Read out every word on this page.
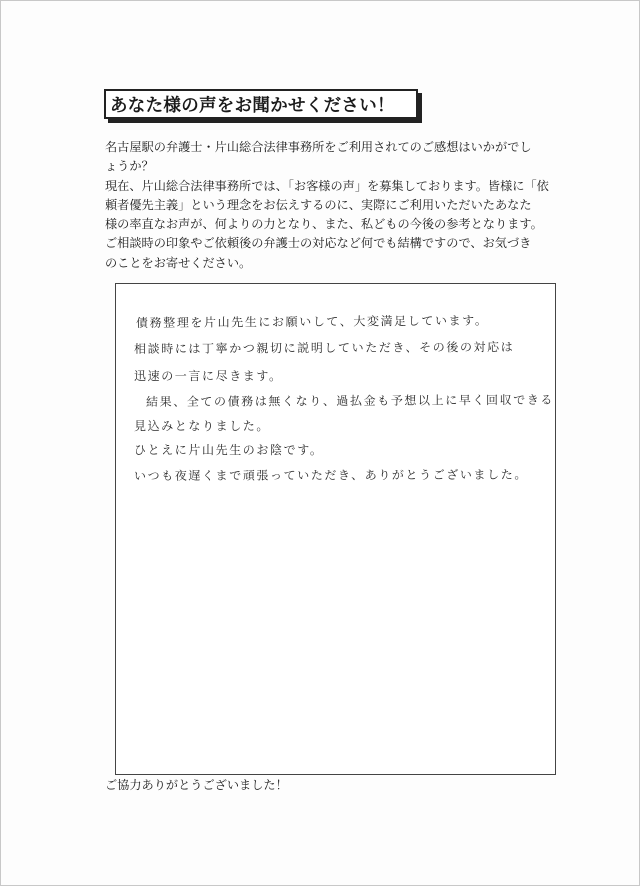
あなた様の声をお聞かせください！

名古屋駅の弁護士・片山総合法律事務所をご利用されてのご感想はいかがでし

ょうか？

現在、片山総合法律事務所では、「お客様の声」を募集しております。皆様に「依

頼者優先主義」という理念をお伝えするのに、実際にご利用いただいたあなた

様の率直なお声が、何よりの力となり、また、私どもの今後の参考となります。

ご相談時の印象やご依頼後の弁護士の対応など何でも結構ですので、お気づき

のことをお寄せください。

債務整理を片山先生にお願いして、大変満足しています。

相談時には丁寧かつ親切に説明していただき、その後の対応は

迅速の一言に尽きます。

結果、全ての債務は無くなり、過払金も予想以上に早く回収できる

見込みとなりました。

ひとえに片山先生のお陰です。

いつも夜遅くまで頑張っていただき、ありがとうございました。

ご協力ありがとうございました！
